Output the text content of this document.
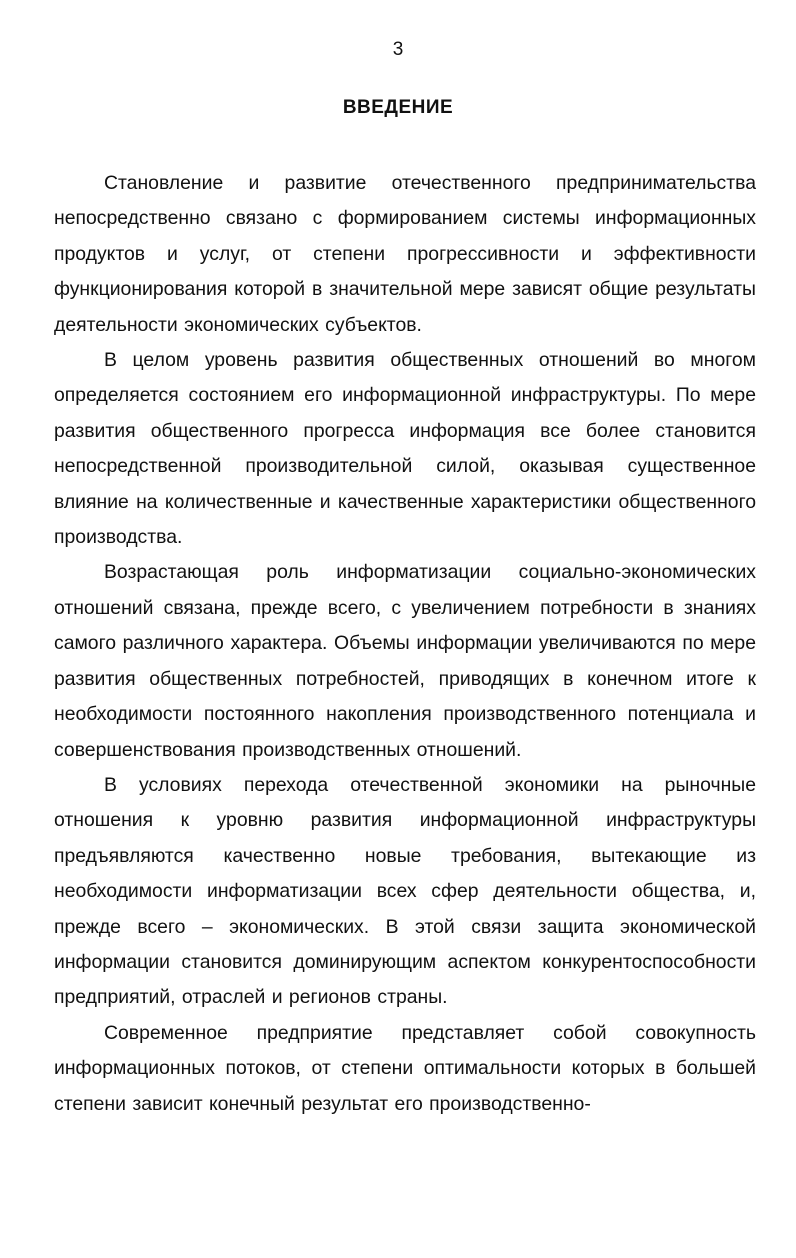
3
ВВЕДЕНИЕ

Становление и развитие отечественного предпринимательства непосредственно связано с формированием системы информационных продуктов и услуг, от степени прогрессивности и эффективности функционирования которой в значительной мере зависят общие результаты деятельности экономических субъектов.

В целом уровень развития общественных отношений во многом определяется состоянием его информационной инфраструктуры. По мере развития общественного прогресса информация все более становится непосредственной производительной силой, оказывая существенное влияние на количественные и качественные характеристики общественного производства.

Возрастающая роль информатизации социально-экономических отношений связана, прежде всего, с увеличением потребности в знаниях самого различного характера. Объемы информации увеличиваются по мере развития общественных потребностей, приводящих в конечном итоге к необходимости постоянного накопления производственного потенциала и совершенствования производственных отношений.

В условиях перехода отечественной экономики на рыночные отношения к уровню развития информационной инфраструктуры предъявляются качественно новые требования, вытекающие из необходимости информатизации всех сфер деятельности общества, и, прежде всего – экономических. В этой связи защита экономической информации становится доминирующим аспектом конкурентоспособности предприятий, отраслей и регионов страны.

Современное предприятие представляет собой совокупность информационных потоков, от степени оптимальности которых в большей степени зависит конечный результат его производственно-
